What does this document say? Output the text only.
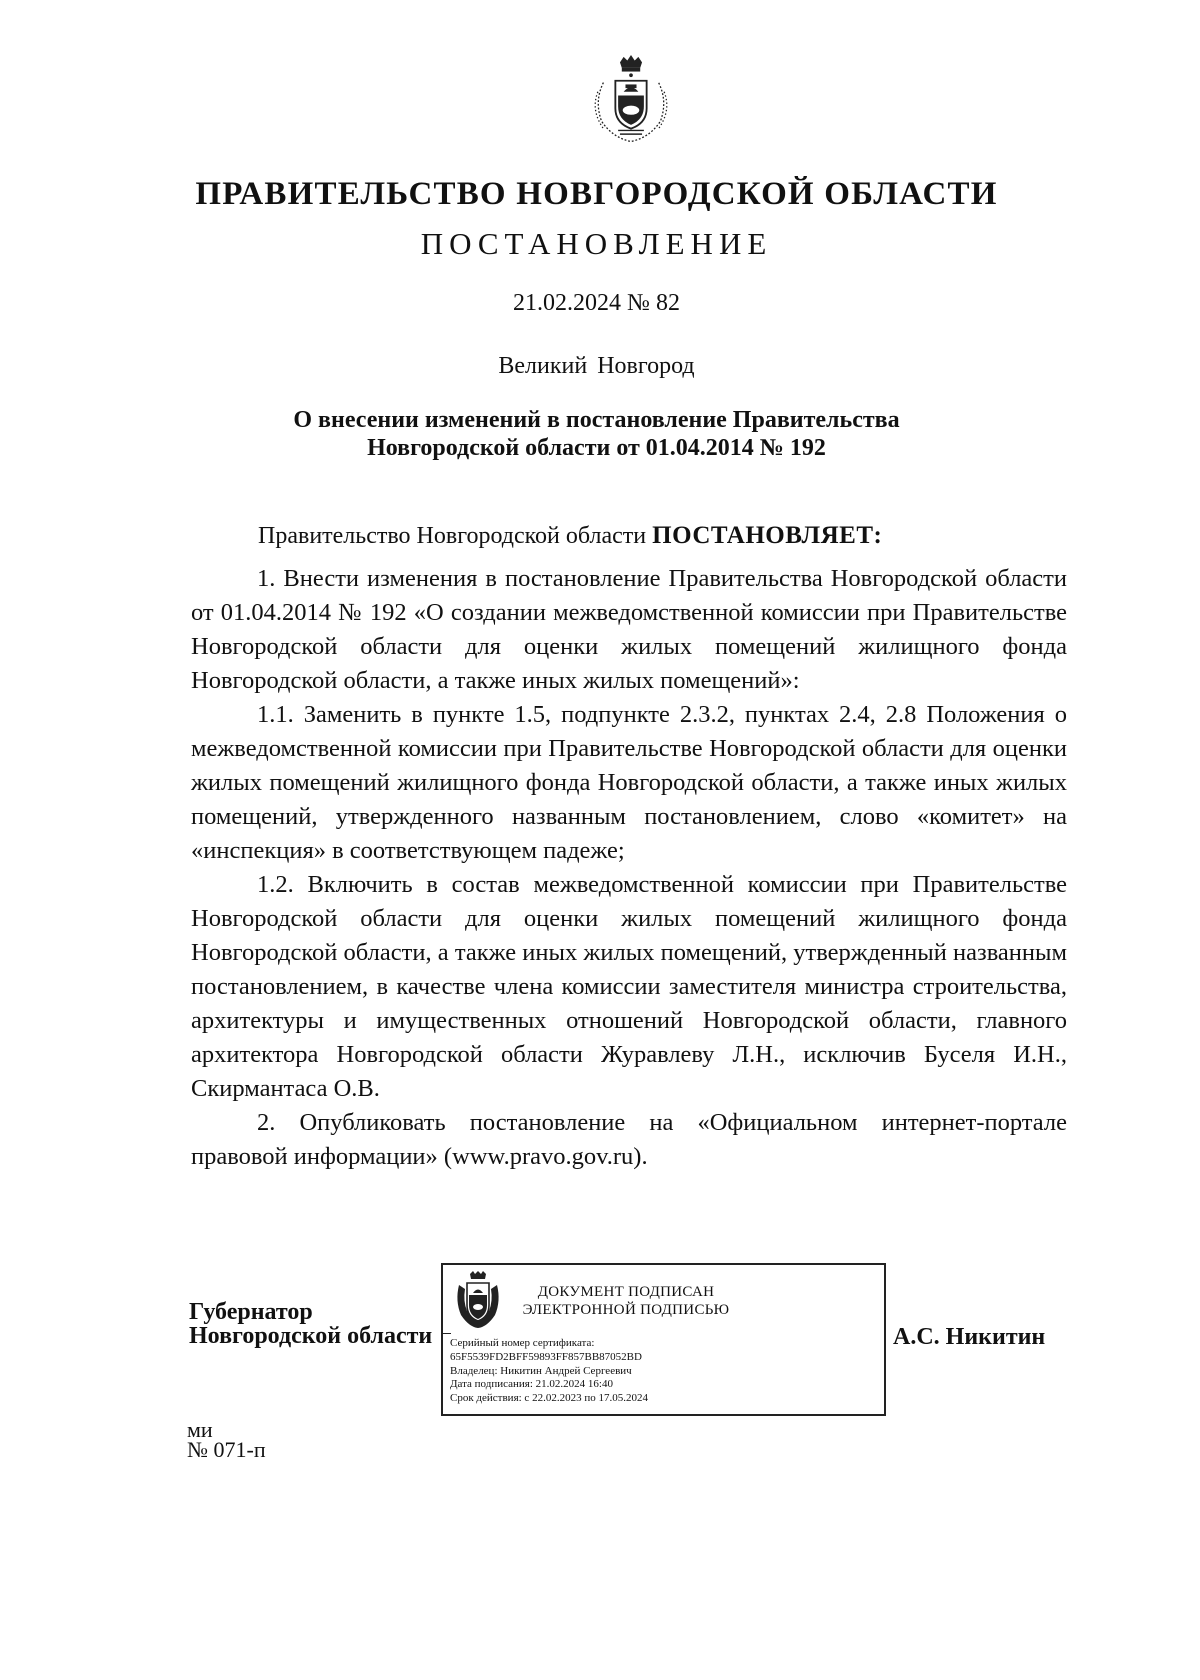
ПРАВИТЕЛЬСТВО НОВГОРОДСКОЙ ОБЛАСТИ
ПОСТАНОВЛЕНИЕ
21.02.2024 № 82
Великий Новгород
О внесении изменений в постановление Правительства
Новгородской области от 01.04.2014 № 192
Правительство Новгородской области ПОСТАНОВЛЯЕТ:

1. Внести изменения в постановление Правительства Новгородской области от 01.04.2014 № 192 «О создании межведомственной комиссии при Правительстве Новгородской области для оценки жилых помещений жилищного фонда Новгородской области, а также иных жилых помещений»:

1.1. Заменить в пункте 1.5, подпункте 2.3.2, пунктах 2.4, 2.8 Положения о межведомственной комиссии при Правительстве Новгородской области для оценки жилых помещений жилищного фонда Новгородской области, а также иных жилых помещений, утвержденного названным постановлением, слово «комитет» на «инспекция» в соответствующем падеже;

1.2. Включить в состав межведомственной комиссии при Правительстве Новгородской области для оценки жилых помещений жилищного фонда Новгородской области, а также иных жилых помещений, утвержденный названным постановлением, в качестве члена комиссии заместителя министра строительства, архитектуры и имущественных отношений Новгородской области, главного архитектора Новгородской области Журавлеву Л.Н., исключив Буселя И.Н., Скирмантаса О.В.

2. Опубликовать постановление на «Официальном интернет-портале правовой информации» (www.pravo.gov.ru).

Губернатор
Новгородской области
ДОКУМЕНТ ПОДПИСАН
ЭЛЕКТРОННОЙ ПОДПИСЬЮ
Серийный номер сертификата:
65F5539FD2BFF59893FF857BB87052BD
Владелец: Никитин Андрей Сергеевич
Дата подписания: 21.02.2024 16:40
Срок действия: с 22.02.2023 по 17.05.2024
А.С. Никитин
ми
№ 071-п
